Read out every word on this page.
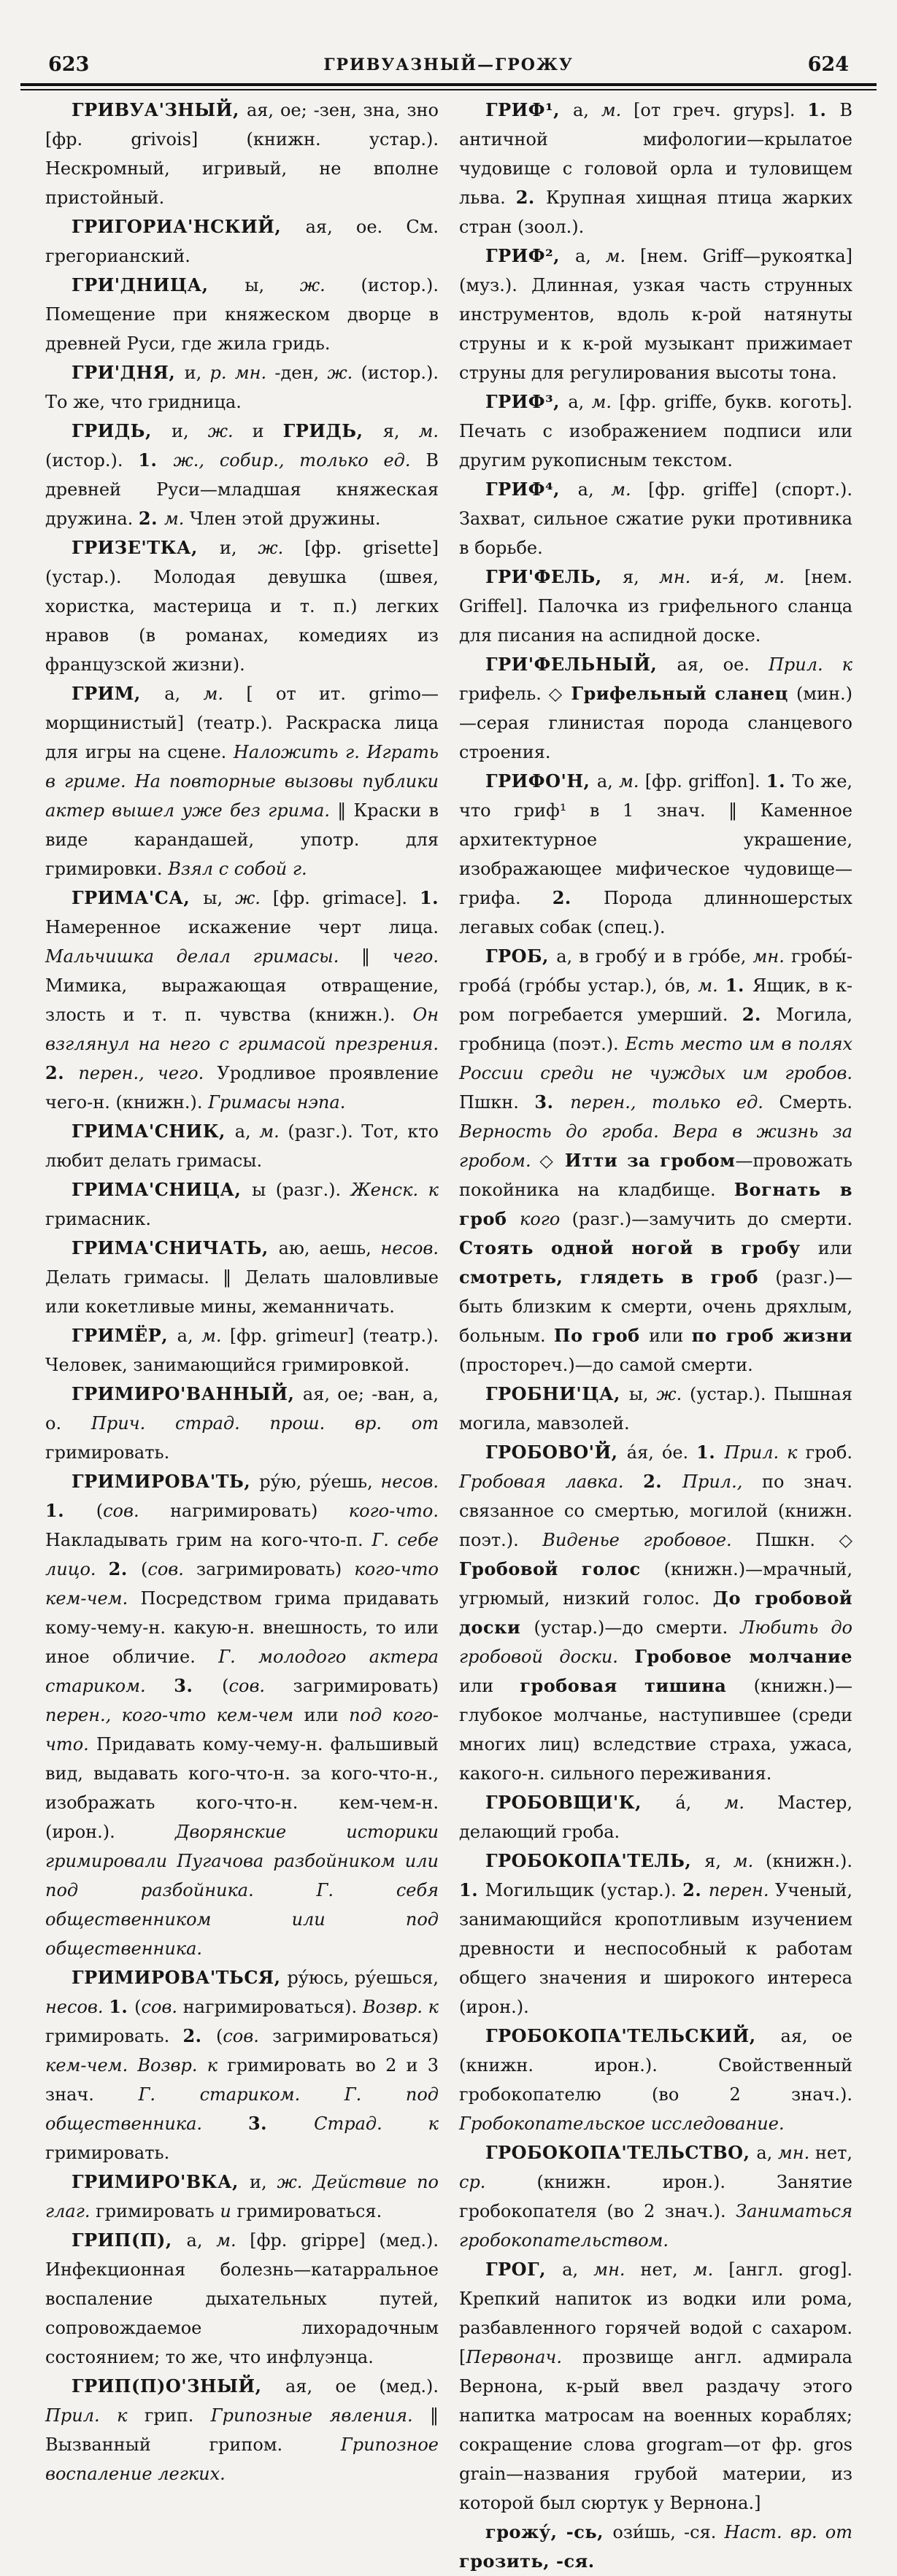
623	ГРИВУАЗНЫЙ—ГРОЖУ	624

ГРИВУА'ЗНЫЙ, ая, ое; -зен, зна, зно [фр. grivois] (книжн. устар.). Нескромный, игривый, не вполне пристойный.

ГРИГОРИА'НСКИЙ, ая, ое. См. грегорианский.

ГРИ'ДНИЦА, ы, ж. (истор.). Помещение при княжеском дворце в древней Руси, где жила гридь.

ГРИ'ДНЯ, и, р. мн. -ден, ж. (истор.). То же, что гридница.

ГРИДЬ, и, ж. и ГРИДЬ, я, м. (истор.). 1. ж., собир., только ед. В древней Руси—младшая княжеская дружина. 2. м. Член этой дружины.

ГРИЗЕ'ТКА, и, ж. [фр. grisette] (устар.). Молодая девушка (швея, хористка, мастерица и т. п.) легких нравов (в романах, комедиях из французской жизни).

ГРИМ, а, м. [ от ит. grimo—морщинистый] (театр.). Раскраска лица для игры на сцене. Наложить г. Играть в гриме. На повторные вызовы публики актер вышел уже без грима. ‖ Краски в виде карандашей, употр. для гримировки. Взял с собой г.

ГРИМА'СА, ы, ж. [фр. grimace]. 1. Намеренное искажение черт лица. Мальчишка делал гримасы. ‖ чего. Мимика, выражающая отвращение, злость и т. п. чувства (книжн.). Он взглянул на него с гримасой презрения. 2. перен., чего. Уродливое проявление чего-н. (книжн.). Гримасы нэпа.

ГРИМА'СНИК, а, м. (разг.). Тот, кто любит делать гримасы.

ГРИМА'СНИЦА, ы (разг.). Женск. к гримасник.

ГРИМА'СНИЧАТЬ, аю, аешь, несов. Делать гримасы. ‖ Делать шаловливые или кокетливые мины, жеманничать.

ГРИМЁР, а, м. [фр. grimeur] (театр.). Человек, занимающийся гримировкой.

ГРИМИРО'ВАННЫЙ, ая, ое; -ван, а, о. Прич. страд. прош. вр. от гримировать.

ГРИМИРОВА'ТЬ, ру́ю, ру́ешь, несов. 1. (сов. нагримировать) кого-что. Накладывать грим на кого-что-п. Г. себе лицо. 2. (сов. загримировать) кого-что кем-чем. Посредством грима придавать кому-чему-н. какую-н. внешность, то или иное обличие. Г. молодого актера стариком. 3. (сов. загримировать) перен., кого-что кем-чем или под кого-что. Придавать кому-чему-н. фальшивый вид, выдавать кого-что-н. за кого-что-н., изображать кого-что-н. кем-чем-н. (ирон.). Дворянские историки гримировали Пугачова разбойником или под разбойника. Г. себя общественником или под общественника.

ГРИМИРОВА'ТЬСЯ, ру́юсь, ру́ешься, несов. 1. (сов. нагримироваться). Возвр. к гримировать. 2. (сов. загримироваться) кем-чем. Возвр. к гримировать во 2 и 3 знач. Г. стариком. Г. под общественника. 3. Страд. к гримировать.

ГРИМИРО'ВКА, и, ж. Действие по глаг. гримировать и гримироваться.

ГРИП(П), а, м. [фр. grippe] (мед.). Инфекционная болезнь—катарральное воспаление дыхательных путей, сопровождаемое лихорадочным состоянием; то же, что инфлуэнца.

ГРИП(П)О'ЗНЫЙ, ая, ое (мед.). Прил. к грип. Грипозные явления. ‖ Вызванный грипом. Грипозное воспаление легких.

ГРИФ¹, а, м. [от греч. gryps]. 1. В античной мифологии—крылатое чудовище с головой орла и туловищем льва. 2. Крупная хищная птица жарких стран (зоол.).

ГРИФ², а, м. [нем. Griff—рукоятка] (муз.). Длинная, узкая часть струнных инструментов, вдоль к-рой натянуты струны и к к-рой музыкант прижимает струны для регулирования высоты тона.

ГРИФ³, а, м. [фр. griffe, букв. коготь]. Печать с изображением подписи или другим рукописным текстом.

ГРИФ⁴, а, м. [фр. griffe] (спорт.). Захват, сильное сжатие руки противника в борьбе.

ГРИ'ФЕЛЬ, я, мн. и-я́, м. [нем. Griffel]. Палочка из грифельного сланца для писания на аспидной доске.

ГРИ'ФЕЛЬНЫЙ, ая, ое. Прил. к грифель. ◇ Грифельный сланец (мин.)—серая глинистая порода сланцевого строения.

ГРИФО'Н, а, м. [фр. griffon]. 1. То же, что гриф¹ в 1 знач. ‖ Каменное архитектурное украшение, изображающее мифическое чудовище—грифа. 2. Порода длинношерстых легавых собак (спец.).

ГРОБ, а, в гробу́ и в гро́бе, мн. гробы́-гроба́ (гро́бы устар.), о́в, м. 1. Ящик, в к-ром погребается умерший. 2. Могила, гробница (поэт.). Есть место им в полях России среди не чуждых им гробов. Пшкн. 3. перен., только ед. Смерть. Верность до гроба. Вера в жизнь за гробом. ◇ Итти за гробом—провожать покойника на кладбище. Вогнать в гроб кого (разг.)—замучить до смерти. Стоять одной ногой в гробу или смотреть, глядеть в гроб (разг.)—быть близким к смерти, очень дряхлым, больным. По гроб или по гроб жизни (простореч.)—до самой смерти.

ГРОБНИ'ЦА, ы, ж. (устар.). Пышная могила, мавзолей.

ГРОБОВО'Й, а́я, о́е. 1. Прил. к гроб. Гробовая лавка. 2. Прил., по знач. связанное со смертью, могилой (книжн. поэт.). Виденье гробовое. Пшкн. ◇ Гробовой голос (книжн.)—мрачный, угрюмый, низкий голос. До гробовой доски (устар.)—до смерти. Любить до гробовой доски. Гробовое молчание или гробовая тишина (книжн.)—глубокое молчанье, наступившее (среди многих лиц) вследствие страха, ужаса, какого-н. сильного переживания.

ГРОБОВЩИ'К, а́, м. Мастер, делающий гроба.

ГРОБОКОПА'ТЕЛЬ, я, м. (книжн.). 1. Могильщик (устар.). 2. перен. Ученый, занимающийся кропотливым изучением древности и неспособный к работам общего значения и широкого интереса (ирон.).

ГРОБОКОПА'ТЕЛЬСКИЙ, ая, ое (книжн. ирон.). Свойственный гробокопателю (во 2 знач.). Гробокопательское исследование.

ГРОБОКОПА'ТЕЛЬСТВО, а, мн. нет, ср. (книжн. ирон.). Занятие гробокопателя (во 2 знач.). Заниматься гробокопательством.

ГРОГ, а, мн. нет, м. [англ. grog]. Крепкий напиток из водки или рома, разбавленного горячей водой с сахаром. [Первонач. прозвище англ. адмирала Вернона, к-рый ввел раздачу этого напитка матросам на военных кораблях; сокращение слова grogram—от фр. gros grain—названия грубой материи, из которой был сюртук у Вернона.]

грожу́, -сь, ози́шь, -ся. Наст. вр. от грозить, -ся.
